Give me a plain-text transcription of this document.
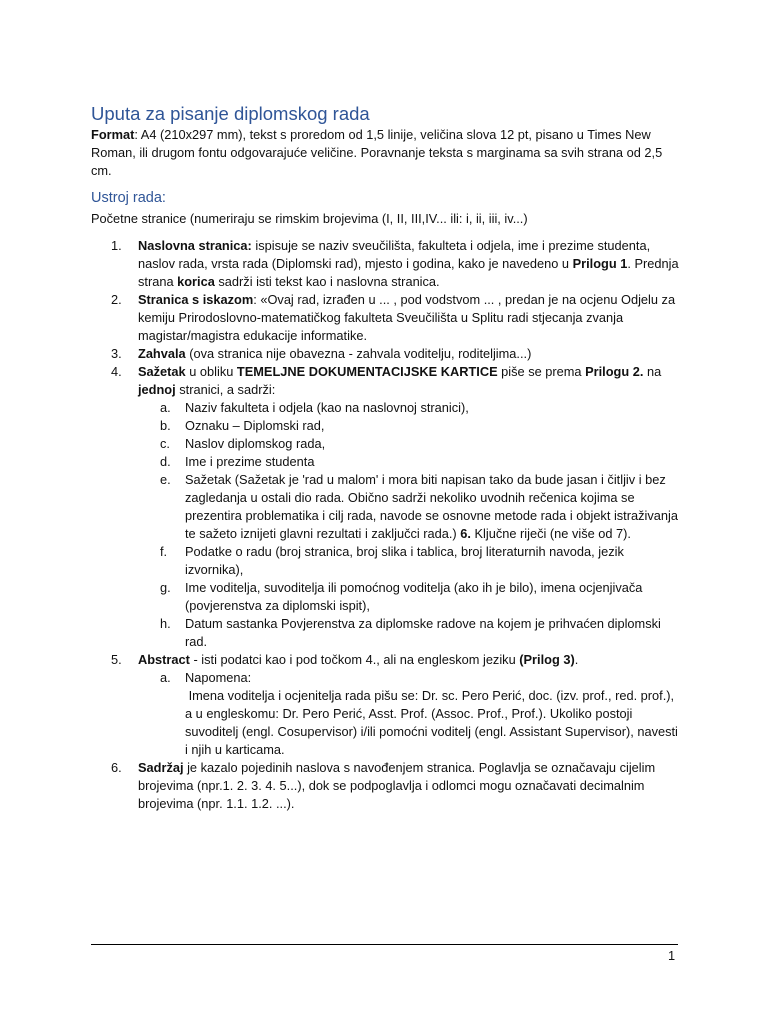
Uputa za pisanje diplomskog rada

Format: A4 (210x297 mm), tekst s proredom od 1,5 linije, veličina slova 12 pt, pisano u Times New Roman, ili drugom fontu odgovarajuće veličine. Poravnanje teksta s marginama sa svih strana od 2,5 cm.

Ustroj rada:

Početne stranice (numeriraju se rimskim brojevima (I, II, III,IV... ili: i, ii, iii, iv...)

1. Naslovna stranica: ispisuje se naziv sveučilišta, fakulteta i odjela, ime i prezime studenta, naslov rada, vrsta rada (Diplomski rad), mjesto i godina, kako je navedeno u Prilogu 1. Prednja strana korica sadrži isti tekst kao i naslovna stranica.
2. Stranica s iskazom: «Ovaj rad, izrađen u ... , pod vodstvom ... , predan je na ocjenu Odjelu za kemiju Prirodoslovno-matematičkog fakulteta Sveučilišta u Splitu radi stjecanja zvanja magistar/magistra edukacije informatike.
3. Zahvala (ova stranica nije obavezna - zahvala voditelju, roditeljima...)
4. Sažetak u obliku TEMELJNE DOKUMENTACIJSKE KARTICE piše se prema Prilogu 2. na jednoj stranici, a sadrži:
a. Naziv fakulteta i odjela (kao na naslovnoj stranici),
b. Oznaku – Diplomski rad,
c. Naslov diplomskog rada,
d. Ime i prezime studenta
e. Sažetak (Sažetak je 'rad u malom' i mora biti napisan tako da bude jasan i čitljiv i bez zagledanja u ostali dio rada. Obično sadrži nekoliko uvodnih rečenica kojima se prezentira problematika i cilj rada, navode se osnovne metode rada i objekt istraživanja te sažeto iznijeti glavni rezultati i zaključci rada.) 6. Ključne riječi (ne više od 7).
f. Podatke o radu (broj stranica, broj slika i tablica, broj literaturnih navoda, jezik izvornika),
g. Ime voditelja, suvoditelja ili pomoćnog voditelja (ako ih je bilo), imena ocjenjivača (povjerenstva za diplomski ispit),
h. Datum sastanka Povjerenstva za diplomske radove na kojem je prihvaćen diplomski rad.
5. Abstract - isti podatci kao i pod točkom 4., ali na engleskom jeziku (Prilog 3).
a. Napomena:
Imena voditelja i ocjenitelja rada pišu se: Dr. sc. Pero Perić, doc. (izv. prof., red. prof.), a u engleskomu: Dr. Pero Perić, Asst. Prof. (Assoc. Prof., Prof.). Ukoliko postoji suvoditelj (engl. Cosupervisor) i/ili pomoćni voditelj (engl. Assistant Supervisor), navesti i njih u karticama.
6. Sadržaj je kazalo pojedinih naslova s navođenjem stranica. Poglavlja se označavaju cijelim brojevima (npr.1. 2. 3. 4. 5...), dok se podpoglavlja i odlomci mogu označavati decimalnim brojevima (npr. 1.1. 1.2. ...).
1
